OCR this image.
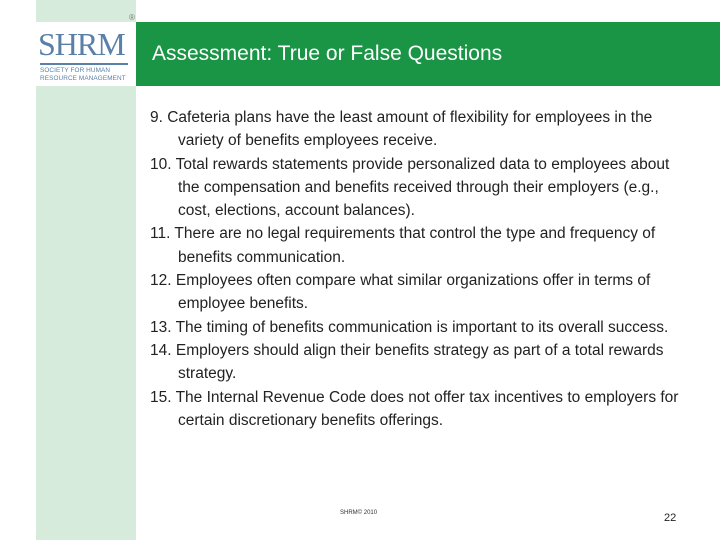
SHRM
SOCIETY FOR HUMAN
RESOURCE MANAGEMENT
®
Assessment: True or False Questions
9. Cafeteria plans have the least amount of flexibility for employees in the variety of benefits employees receive.
10. Total rewards statements provide personalized data to employees about the compensation and benefits received through their employers (e.g., cost, elections, account balances).
11. There are no legal requirements that control the type and frequency of benefits communication.
12. Employees often compare what similar organizations offer in terms of employee benefits.
13. The timing of benefits communication is important to its overall success.
14. Employers should align their benefits strategy as part of a total rewards strategy.
15. The Internal Revenue Code does not offer tax incentives to employers for certain discretionary benefits offerings.
SHRM© 2010	22
